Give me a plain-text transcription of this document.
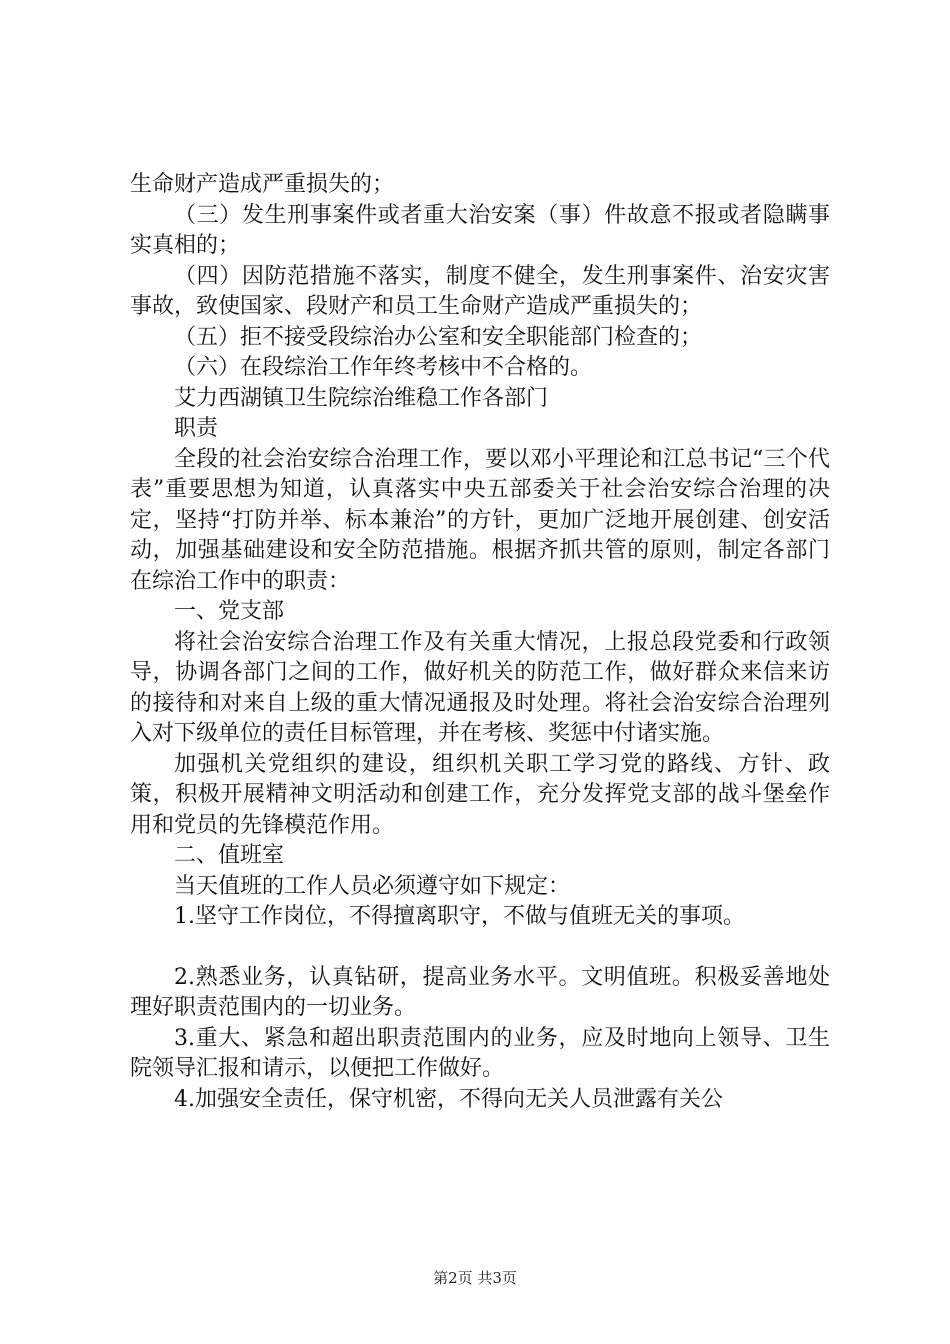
生命财产造成严重损失的；

（三）发生刑事案件或者重大治安案（事）件故意不报或者隐瞒事实真相的；

（四）因防范措施不落实，制度不健全，发生刑事案件、治安灾害事故，致使国家、段财产和员工生命财产造成严重损失的；

（五）拒不接受段综治办公室和安全职能部门检查的；

（六）在段综治工作年终考核中不合格的。

艾力西湖镇卫生院综治维稳工作各部门

职责

全段的社会治安综合治理工作，要以邓小平理论和江总书记“三个代表”重要思想为知道，认真落实中央五部委关于社会治安综合治理的决定，坚持“打防并举、标本兼治”的方针，更加广泛地开展创建、创安活动，加强基础建设和安全防范措施。根据齐抓共管的原则，制定各部门在综治工作中的职责：

一、党支部

将社会治安综合治理工作及有关重大情况，上报总段党委和行政领导，协调各部门之间的工作，做好机关的防范工作，做好群众来信来访的接待和对来自上级的重大情况通报及时处理。将社会治安综合治理列入对下级单位的责任目标管理，并在考核、奖惩中付诸实施。

加强机关党组织的建设，组织机关职工学习党的路线、方针、政策，积极开展精神文明活动和创建工作，充分发挥党支部的战斗堡垒作用和党员的先锋模范作用。

二、值班室

当天值班的工作人员必须遵守如下规定：

1.坚守工作岗位，不得擅离职守，不做与值班无关的事项。

2.熟悉业务，认真钻研，提高业务水平。文明值班。积极妥善地处理好职责范围内的一切业务。

3.重大、紧急和超出职责范围内的业务，应及时地向上领导、卫生院领导汇报和请示，以便把工作做好。

4.加强安全责任，保守机密，不得向无关人员泄露有关公

第2页 共3页
